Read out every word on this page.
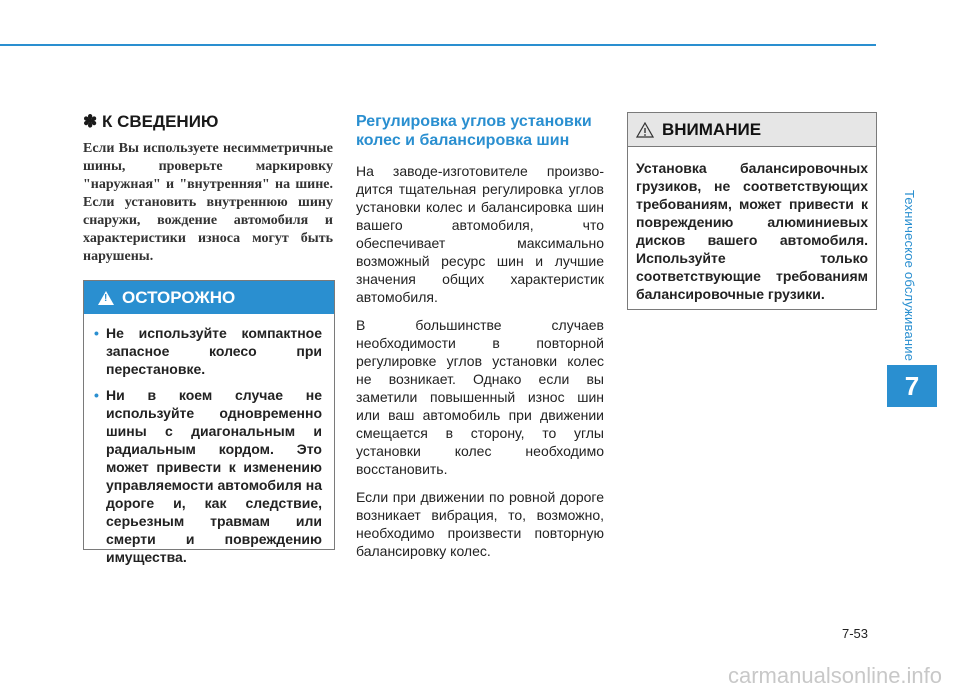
Техническое обслуживание
7
7-53
carmanualsonline.info

✽ К СВЕДЕНИЮ

Если Вы используете несимметричные шины, проверьте маркировку "наружная" и "внутренняя" на шине. Если установить внутреннюю шину снаружи, вождение автомобиля и характеристики износа могут быть нарушены.

! ОСТОРОЖНО
• Не используйте компактное запасное колесо при перестановке.
• Ни в коем случае не используйте одновременно шины с диагональным и радиальным кордом. Это может привести к изменению управляемости автомобиля на дороге и, как следствие, серьезным травмам или смерти и повреждению имущества.

Регулировка углов установки колес и балансировка шин

На заводе-изготовителе произво- дится тщательная регулировка углов установки колес и балансировка шин вашего автомобиля, что обеспечивает максимально возможный ресурс шин и лучшие значения общих характеристик автомобиля.

В большинстве случаев необходимости в повторной регулировке углов установки колес не возникает. Однако если вы заметили повышенный износ шин или ваш автомобиль при движении смещается в сторону, то углы установки колес необходимо восстановить.

Если при движении по ровной дороге возникает вибрация, то, возможно, необходимо произвести повторную балансировку колес.

ВНИМАНИЕ
Установка балансировочных грузиков, не соответствующих требованиям, может привести к повреждению алюминиевых дисков вашего автомобиля. Используйте только соответствующие требованиям балансировочные грузики.
